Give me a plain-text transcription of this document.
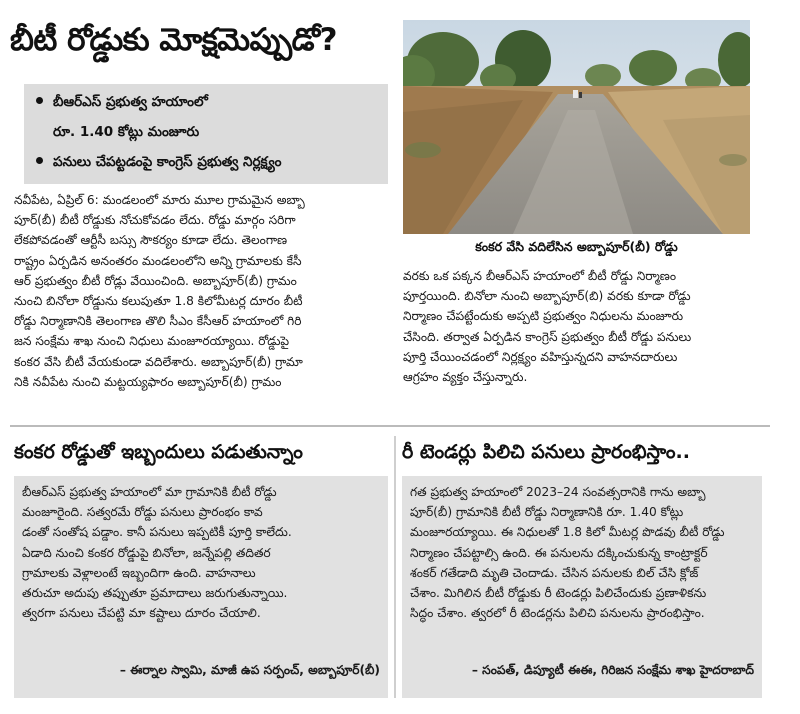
బీటీ రోడ్డుకు మోక్షమెప్పుడో?
బీఆర్ఎస్ ప్రభుత్వ హయాంలో
రూ. 1.40 కోట్లు మంజూరు
పనులు చేపట్టడంపై కాంగ్రెస్ ప్రభుత్వ నిర్లక్ష్యం
నవీపేట, ఏప్రిల్ 6: మండలంలో మారు మూల గ్రామమైన అబ్బా
పూర్(బీ) బీటీ రోడ్డుకు నోచుకోవడం లేదు. రోడ్డు మార్గం సరిగా
లేకపోవడంతో ఆర్టీసీ బస్సు సౌకర్యం కూడా లేదు. తెలంగాణ
రాష్ట్రం ఏర్పడిన అనంతరం మండలంలోని అన్ని గ్రామాలకు కేసీ
ఆర్ ప్రభుత్వం బీటీ రోడ్లు వేయించింది. అబ్బాపూర్(బీ) గ్రామం
నుంచి బినోలా రోడ్డును కలుపుతూ 1.8 కిలోమీటర్ల దూరం బీటీ
రోడ్డు నిర్మాణానికి తెలంగాణ తొలి సీఎం కేసీఆర్ హయాంలో గిరి
జన సంక్షేమ శాఖ నుంచి నిధులు మంజూరయ్యాయి. రోడ్డుపై
కంకర వేసి బీటీ వేయకుండా వదిలేశారు. అబ్బాపూర్(బీ) గ్రామా
నికి నవీపేట నుంచి మట్టయ్యఫారం అబ్బాపూర్(బీ) గ్రామం
కంకర వేసి వదిలేసిన అబ్బాపూర్(బీ) రోడ్డు
వరకు ఒక పక్కన బీఆర్ఎస్ హయాంలో బీటీ రోడ్డు నిర్మాణం
పూర్తయింది. బినోలా నుంచి అబ్బాపూర్(బి) వరకు కూడా రోడ్డు
నిర్మాణం చేపట్టేందుకు అప్పటి ప్రభుత్వం నిధులను మంజూరు
చేసింది. తర్వాత ఏర్పడిన కాంగ్రెస్ ప్రభుత్వం బీటీ రోడ్డు పనులు
పూర్తి చేయించడంలో నిర్లక్ష్యం వహిస్తున్నదని వాహనదారులు
ఆగ్రహం వ్యక్తం చేస్తున్నారు.
కంకర రోడ్డుతో ఇబ్బందులు పడుతున్నాం
బీఆర్ఎస్ ప్రభుత్వ హయాంలో మా గ్రామానికి బీటీ రోడ్డు
మంజూరైంది. సత్వరమే రోడ్డు పనులు ప్రారంభం కావ
డంతో సంతోష పడ్డాం. కానీ పనులు ఇప్పటికీ పూర్తి కాలేదు.
ఏడాది నుంచి కంకర రోడ్డుపై బినోలా, జన్నేపల్లి తదితర
గ్రామాలకు వెళ్లాలంటే ఇబ్బందిగా ఉంది. వాహనాలు
తరుచూ అదుపు తప్పుతూ ప్రమాదాలు జరుగుతున్నాయి.
త్వరగా పనులు చేపట్టి మా కష్టాలు దూరం చేయాలి.
– ఈర్నాల స్వామి, మాజీ ఉప సర్పంచ్, అబ్బాపూర్(బీ)
రీ టెండర్లు పిలిచి పనులు ప్రారంభిస్తాం..
గత ప్రభుత్వ హయాంలో 2023–24 సంవత్సరానికి గాను అబ్బా
పూర్(బీ) గ్రామానికి బీటీ రోడ్డు నిర్మాణానికి రూ. 1.40 కోట్లు
మంజూరయ్యాయి. ఈ నిధులతో 1.8 కిలో మీటర్ల పొడవు బీటీ రోడ్డు
నిర్మాణం చేపట్టాల్సి ఉంది. ఈ పనులను దక్కించుకున్న కాంట్రాక్టర్
శంకర్ గతేడాది మృతి చెందాడు. చేసిన పనులకు బిల్ చేసి క్లోజ్
చేశాం. మిగిలిన బీటీ రోడ్డుకు రీ టెండర్లు పిలిచేందుకు ప్రణాళికను
సిద్ధం చేశాం. త్వరలో రీ టెండర్లను పిలిచి పనులను ప్రారంభిస్తాం.
– సంపత్, డిప్యూటీ ఈఈ, గిరిజన సంక్షేమ శాఖ హైదరాబాద్
